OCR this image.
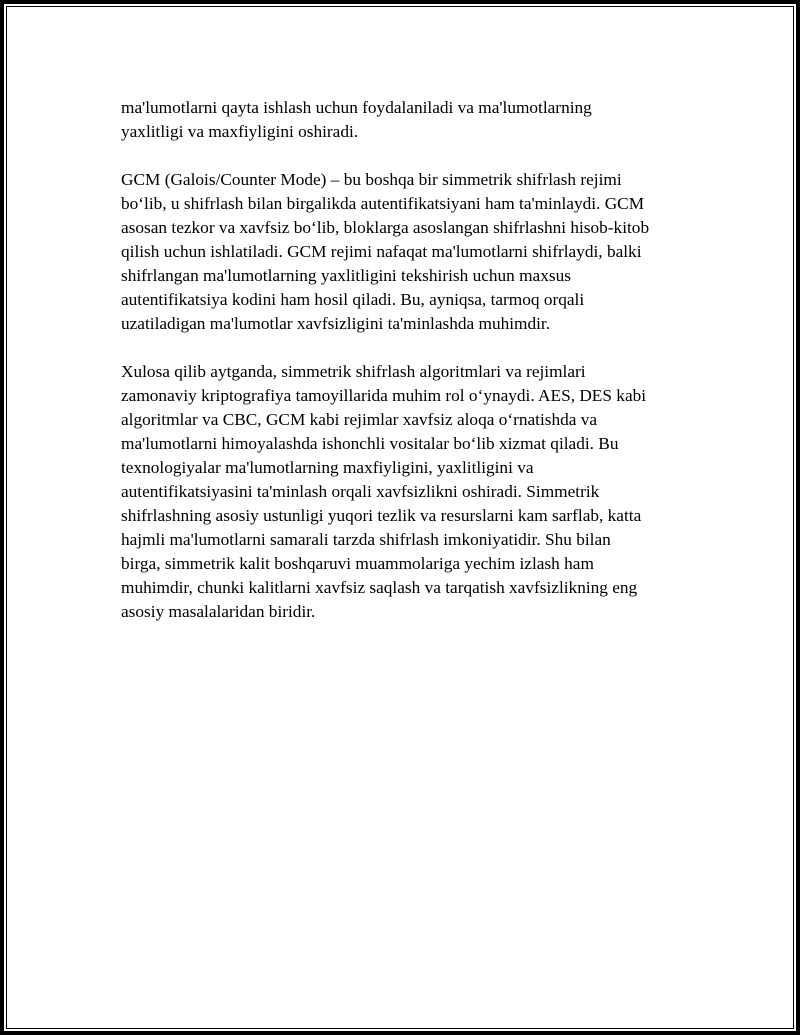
ma'lumotlarni qayta ishlash uchun foydalaniladi va ma'lumotlarning
yaxlitligi va maxfiyligini oshiradi.

GCM (Galois/Counter Mode) – bu boshqa bir simmetrik shifrlash rejimi
bo‘lib, u shifrlash bilan birgalikda autentifikatsiyani ham ta'minlaydi. GCM
asosan tezkor va xavfsiz bo‘lib, bloklarga asoslangan shifrlashni hisob-kitob
qilish uchun ishlatiladi. GCM rejimi nafaqat ma'lumotlarni shifrlaydi, balki
shifrlangan ma'lumotlarning yaxlitligini tekshirish uchun maxsus
autentifikatsiya kodini ham hosil qiladi. Bu, ayniqsa, tarmoq orqali
uzatiladigan ma'lumotlar xavfsizligini ta'minlashda muhimdir.

Xulosa qilib aytganda, simmetrik shifrlash algoritmlari va rejimlari
zamonaviy kriptografiya tamoyillarida muhim rol o‘ynaydi. AES, DES kabi
algoritmlar va CBC, GCM kabi rejimlar xavfsiz aloqa o‘rnatishda va
ma'lumotlarni himoyalashda ishonchli vositalar bo‘lib xizmat qiladi. Bu
texnologiyalar ma'lumotlarning maxfiyligini, yaxlitligini va
autentifikatsiyasini ta'minlash orqali xavfsizlikni oshiradi. Simmetrik
shifrlashning asosiy ustunligi yuqori tezlik va resurslarni kam sarflab, katta
hajmli ma'lumotlarni samarali tarzda shifrlash imkoniyatidir. Shu bilan
birga, simmetrik kalit boshqaruvi muammolariga yechim izlash ham
muhimdir, chunki kalitlarni xavfsiz saqlash va tarqatish xavfsizlikning eng
asosiy masalalaridan biridir.
